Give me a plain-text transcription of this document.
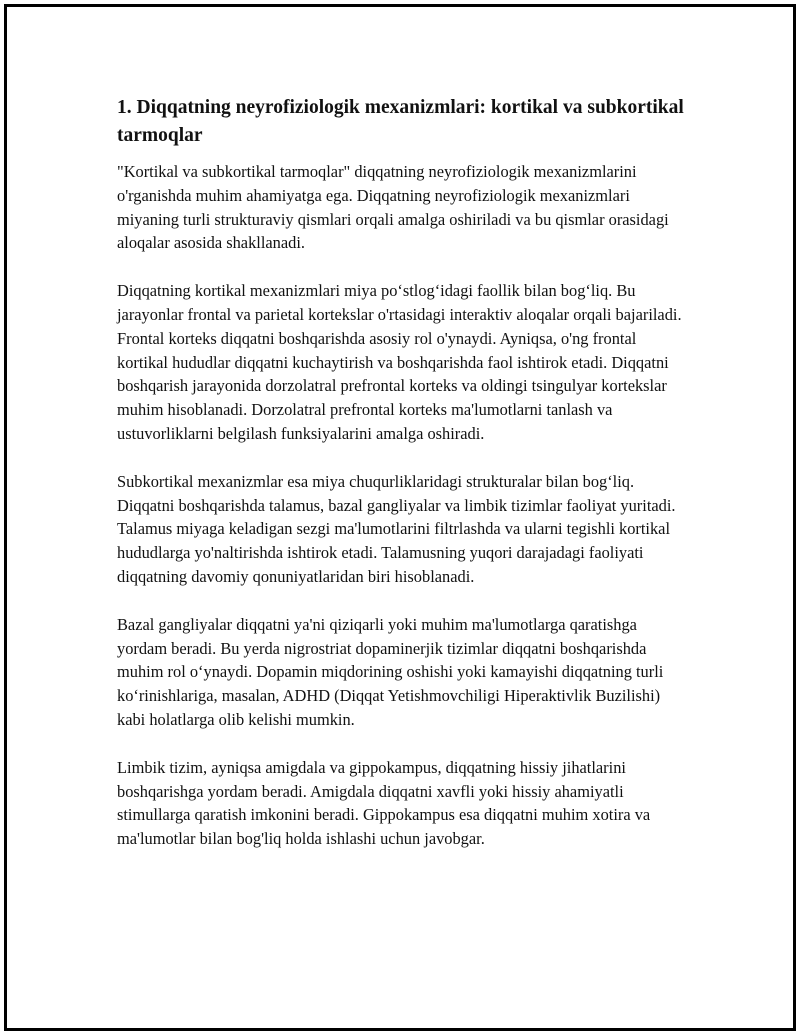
1. Diqqatning neyrofiziologik mexanizmlari: kortikal va subkortikal tarmoqlar

"Kortikal va subkortikal tarmoqlar" diqqatning neyrofiziologik mexanizmlarini o'rganishda muhim ahamiyatga ega. Diqqatning neyrofiziologik mexanizmlari miyaning turli strukturaviy qismlari orqali amalga oshiriladi va bu qismlar orasidagi aloqalar asosida shakllanadi.

Diqqatning kortikal mexanizmlari miya po‘stlog‘idagi faollik bilan bog‘liq. Bu jarayonlar frontal va parietal kortekslar o'rtasidagi interaktiv aloqalar orqali bajariladi. Frontal korteks diqqatni boshqarishda asosiy rol o'ynaydi. Ayniqsa, o'ng frontal kortikal hududlar diqqatni kuchaytirish va boshqarishda faol ishtirok etadi. Diqqatni boshqarish jarayonida dorzolatral prefrontal korteks va oldingi tsingulyar kortekslar muhim hisoblanadi. Dorzolatral prefrontal korteks ma'lumotlarni tanlash va ustuvorliklarni belgilash funksiyalarini amalga oshiradi.

Subkortikal mexanizmlar esa miya chuqurliklaridagi strukturalar bilan bog‘liq. Diqqatni boshqarishda talamus, bazal gangliyalar va limbik tizimlar faoliyat yuritadi. Talamus miyaga keladigan sezgi ma'lumotlarini filtrlashda va ularni tegishli kortikal hududlarga yo'naltirishda ishtirok etadi. Talamusning yuqori darajadagi faoliyati diqqatning davomiy qonuniyatlaridan biri hisoblanadi.

Bazal gangliyalar diqqatni ya'ni qiziqarli yoki muhim ma'lumotlarga qaratishga yordam beradi. Bu yerda nigrostriat dopaminerjik tizimlar diqqatni boshqarishda muhim rol o‘ynaydi. Dopamin miqdorining oshishi yoki kamayishi diqqatning turli ko‘rinishlariga, masalan, ADHD (Diqqat Yetishmovchiligi Hiperaktivlik Buzilishi) kabi holatlarga olib kelishi mumkin.

Limbik tizim, ayniqsa amigdala va gippokampus, diqqatning hissiy jihatlarini boshqarishga yordam beradi. Amigdala diqqatni xavfli yoki hissiy ahamiyatli stimullarga qaratish imkonini beradi. Gippokampus esa diqqatni muhim xotira va ma'lumotlar bilan bog'liq holda ishlashi uchun javobgar.
